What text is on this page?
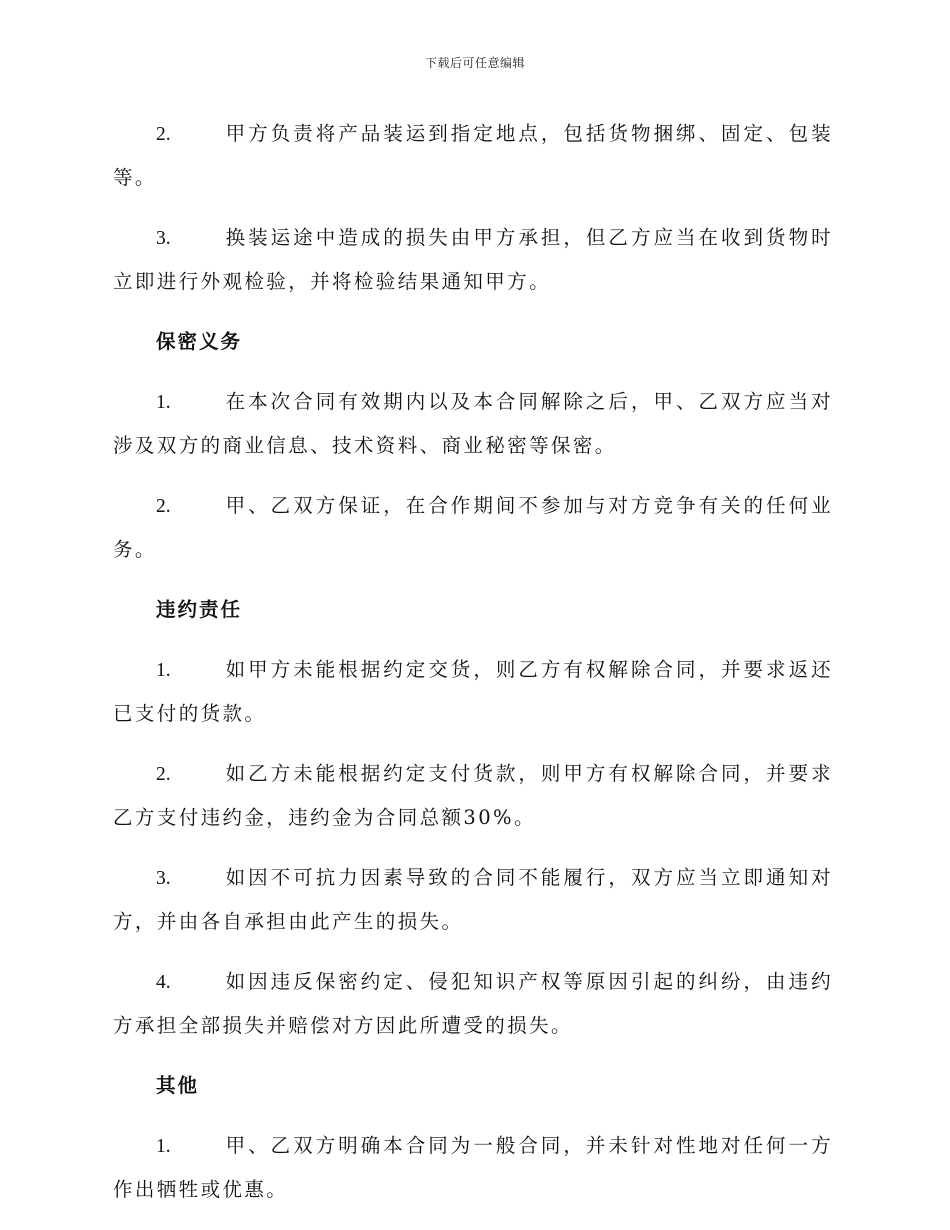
下载后可任意编辑
2.	甲方负责将产品装运到指定地点，包括货物捆绑、固定、包装等。
3.	换装运途中造成的损失由甲方承担，但乙方应当在收到货物时立即进行外观检验，并将检验结果通知甲方。
保密义务
1.	在本次合同有效期内以及本合同解除之后，甲、乙双方应当对涉及双方的商业信息、技术资料、商业秘密等保密。
2.	甲、乙双方保证，在合作期间不参加与对方竞争有关的任何业务。
违约责任
1.	如甲方未能根据约定交货，则乙方有权解除合同，并要求返还已支付的货款。
2.	如乙方未能根据约定支付货款，则甲方有权解除合同，并要求乙方支付违约金，违约金为合同总额30%。
3.	如因不可抗力因素导致的合同不能履行，双方应当立即通知对方，并由各自承担由此产生的损失。
4.	如因违反保密约定、侵犯知识产权等原因引起的纠纷，由违约方承担全部损失并赔偿对方因此所遭受的损失。
其他
1.	甲、乙双方明确本合同为一般合同，并未针对性地对任何一方作出牺牲或优惠。
